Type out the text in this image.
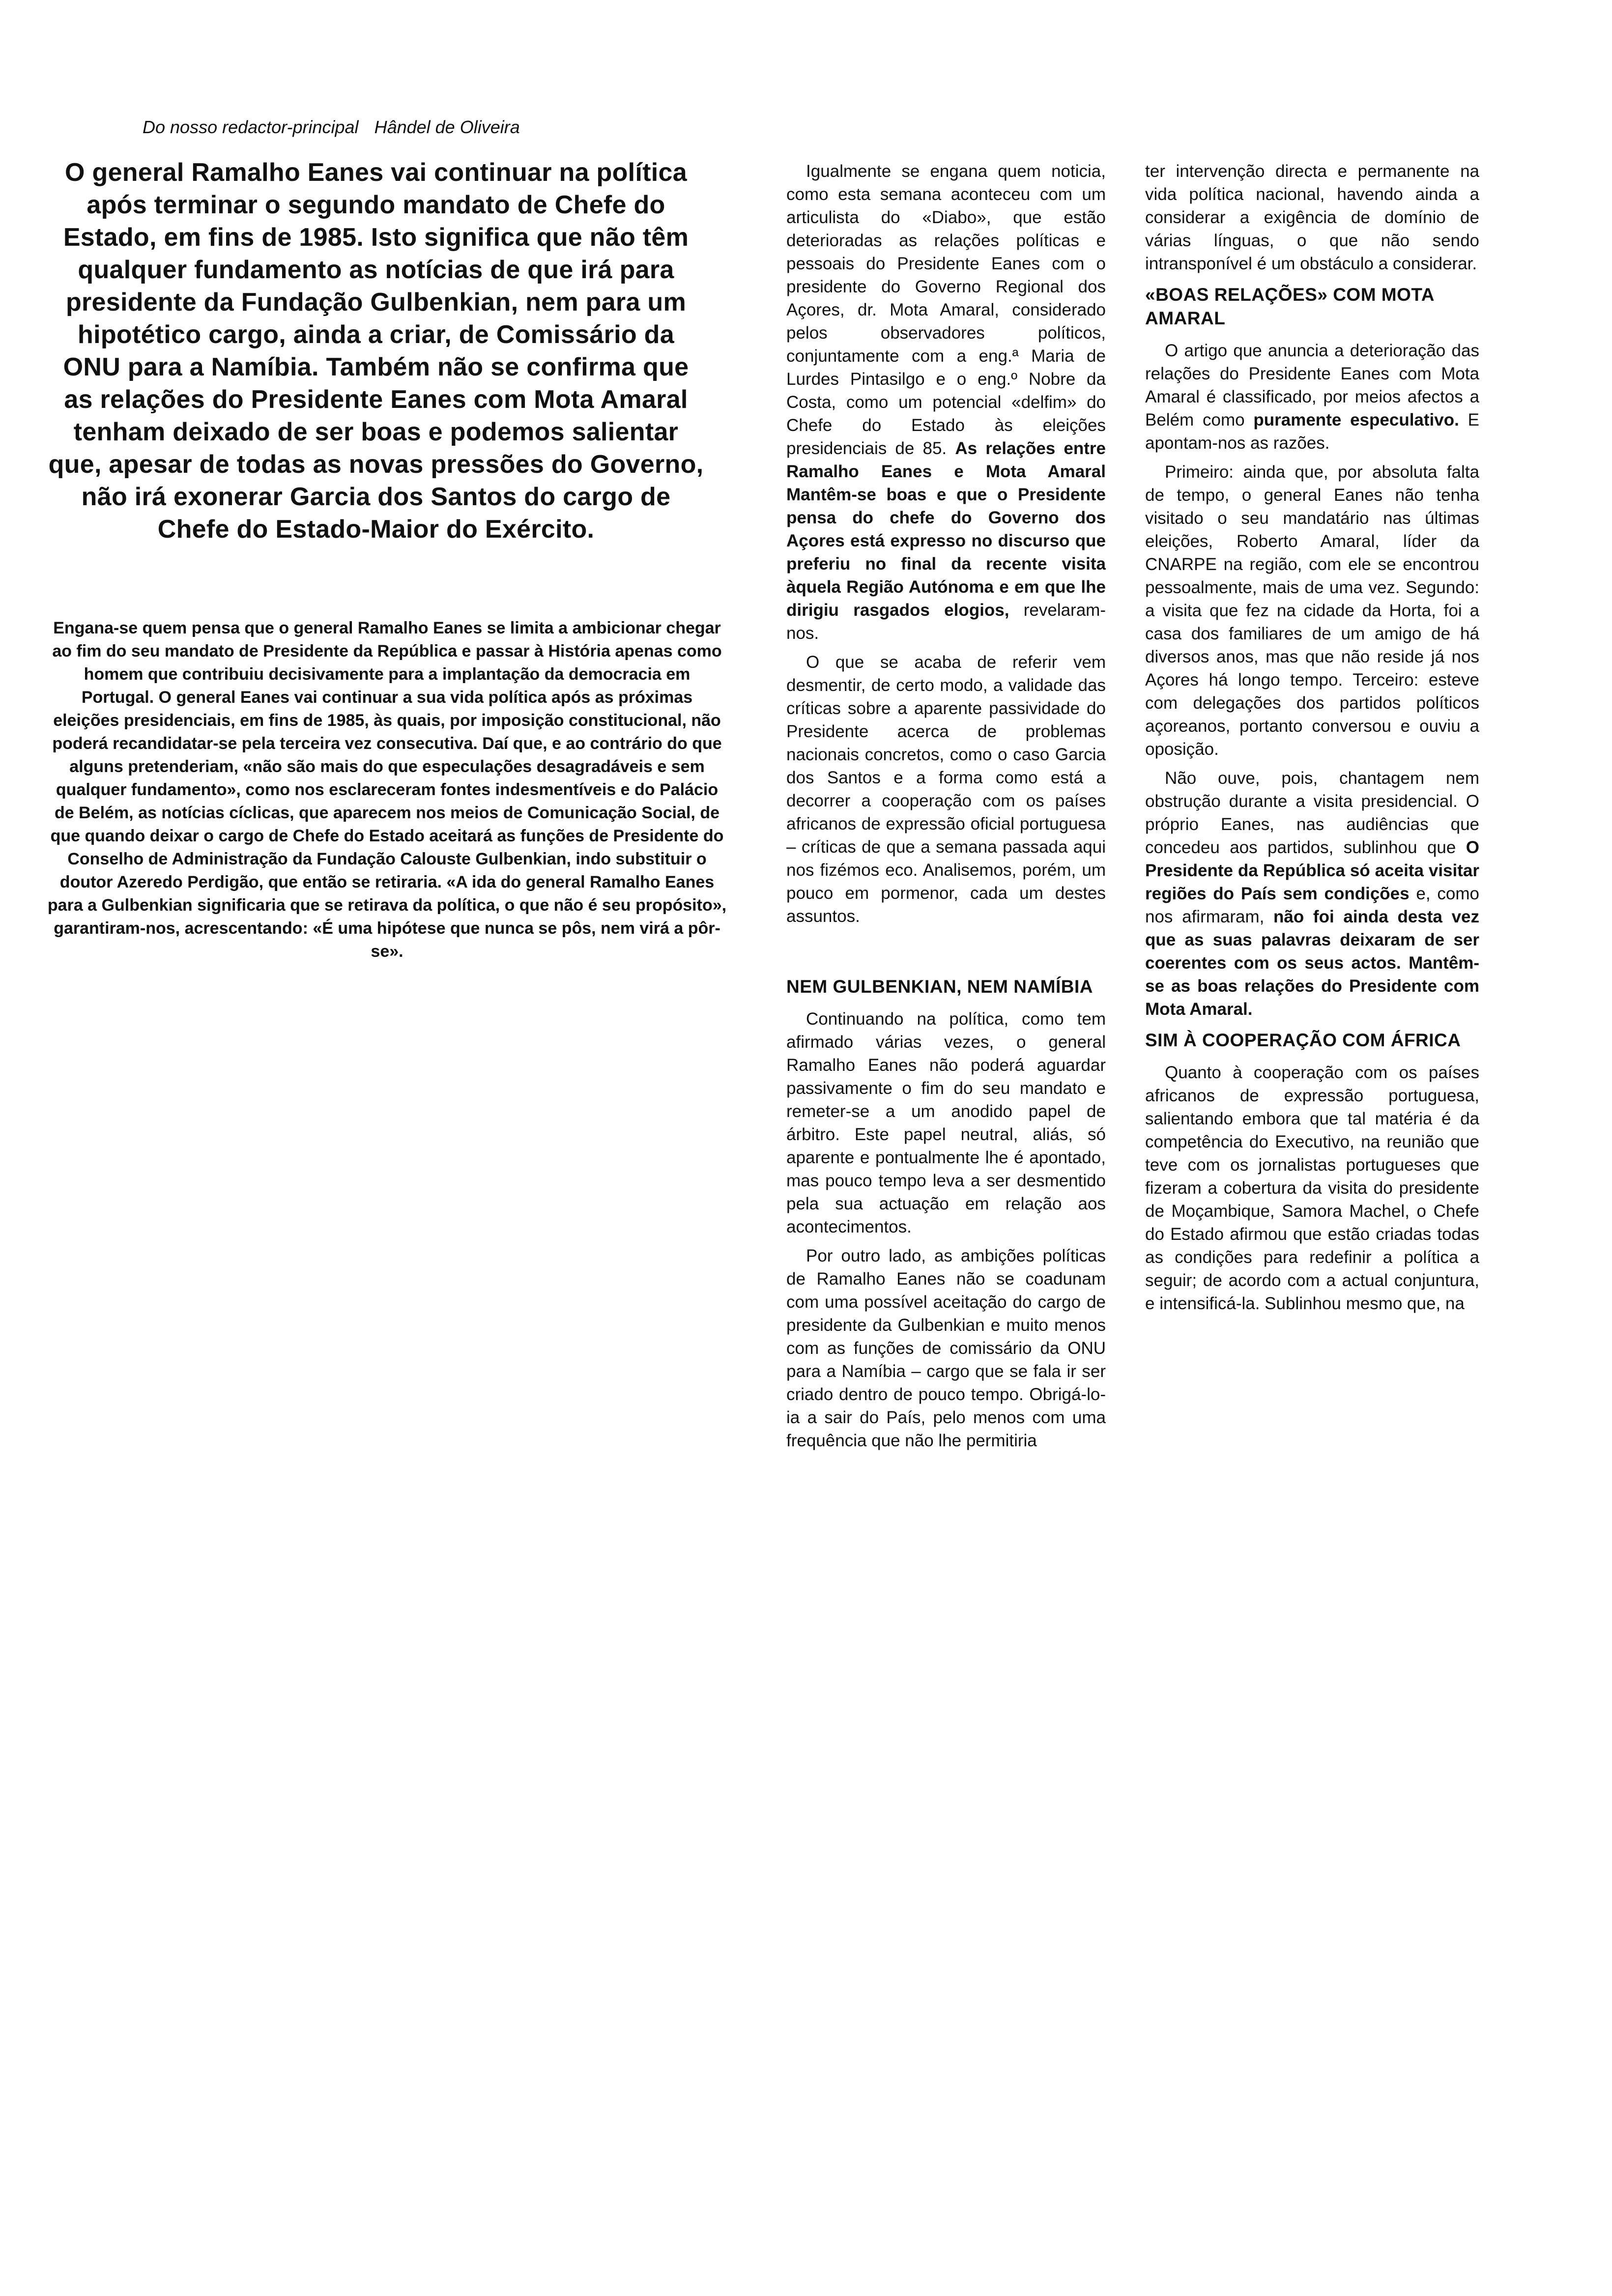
Do nosso redactor-principal Hândel de Oliveira
O general Ramalho Eanes vai continuar na política após terminar o segundo mandato de Chefe do Estado, em fins de 1985. Isto significa que não têm qualquer fundamento as notícias de que irá para presidente da Fundação Gulbenkian, nem para um hipotético cargo, ainda a criar, de Comissário da ONU para a Namíbia. Também não se confirma que as relações do Presidente Eanes com Mota Amaral tenham deixado de ser boas e podemos salientar que, apesar de todas as novas pressões do Governo, não irá exonerar Garcia dos Santos do cargo de Chefe do Estado-Maior do Exército.
Engana-se quem pensa que o general Ramalho Eanes se limita a ambicionar chegar ao fim do seu mandato de Presidente da República e passar à História apenas como homem que contribuiu decisivamente para a implantação da democracia em Portugal. O general Eanes vai continuar a sua vida política após as próximas eleições presidenciais, em fins de 1985, às quais, por imposição constitucional, não poderá recandidatar-se pela terceira vez consecutiva. Daí que, e ao contrário do que alguns pretenderiam, «não são mais do que especulações desagradáveis e sem qualquer fundamento», como nos esclareceram fontes indesmentíveis e do Palácio de Belém, as notícias cíclicas, que aparecem nos meios de Comunicação Social, de que quando deixar o cargo de Chefe do Estado aceitará as funções de Presidente do Conselho de Administração da Fundação Calouste Gulbenkian, indo substituir o doutor Azeredo Perdigão, que então se retiraria. «A ida do general Ramalho Eanes para a Gulbenkian significaria que se retirava da política, o que não é seu propósito», garantiram-nos, acrescentando: «É uma hipótese que nunca se pôs, nem virá a pôr-se».

Igualmente se engana quem noticia, como esta semana aconteceu com um articulista do «Diabo», que estão deterioradas as relações políticas e pessoais do Presidente Eanes com o presidente do Governo Regional dos Açores, dr. Mota Amaral, considerado pelos observadores políticos, conjuntamente com a eng.ª Maria de Lurdes Pintasilgo e o eng.º Nobre da Costa, como um potencial «delfim» do Chefe do Estado às eleições presidenciais de 85. As relações entre Ramalho Eanes e Mota Amaral Mantêm-se boas e que o Presidente pensa do chefe do Governo dos Açores está expresso no discurso que preferiu no final da recente visita àquela Região Autónoma e em que lhe dirigiu rasgados elogios, revelaram-nos.

O que se acaba de referir vem desmentir, de certo modo, a validade das críticas sobre a aparente passividade do Presidente acerca de problemas nacionais concretos, como o caso Garcia dos Santos e a forma como está a decorrer a cooperação com os países africanos de expressão oficial portuguesa – críticas de que a semana passada aqui nos fizémos eco. Analisemos, porém, um pouco em pormenor, cada um destes assuntos.

NEM GULBENKIAN, NEM NAMÍBIA

Continuando na política, como tem afirmado várias vezes, o general Ramalho Eanes não poderá aguardar passivamente o fim do seu mandato e remeter-se a um anodido papel de árbitro. Este papel neutral, aliás, só aparente e pontualmente lhe é apontado, mas pouco tempo leva a ser desmentido pela sua actuação em relação aos acontecimentos.

Por outro lado, as ambições políticas de Ramalho Eanes não se coadunam com uma possível aceitação do cargo de presidente da Gulbenkian e muito menos com as funções de comissário da ONU para a Namíbia – cargo que se fala ir ser criado dentro de pouco tempo. Obrigá-lo-ia a sair do País, pelo menos com uma frequência que não lhe permitiria

ter intervenção directa e permanente na vida política nacional, havendo ainda a considerar a exigência de domínio de várias línguas, o que não sendo intransponível é um obstáculo a considerar.

«BOAS RELAÇÕES» COM MOTA AMARAL

O artigo que anuncia a deterioração das relações do Presidente Eanes com Mota Amaral é classificado, por meios afectos a Belém como puramente especulativo. E apontam-nos as razões.

Primeiro: ainda que, por absoluta falta de tempo, o general Eanes não tenha visitado o seu mandatário nas últimas eleições, Roberto Amaral, líder da CNARPE na região, com ele se encontrou pessoalmente, mais de uma vez. Segundo: a visita que fez na cidade da Horta, foi a casa dos familiares de um amigo de há diversos anos, mas que não reside já nos Açores há longo tempo. Terceiro: esteve com delegações dos partidos políticos açoreanos, portanto conversou e ouviu a oposição.

Não ouve, pois, chantagem nem obstrução durante a visita presidencial. O próprio Eanes, nas audiências que concedeu aos partidos, sublinhou que O Presidente da República só aceita visitar regiões do País sem condições e, como nos afirmaram, não foi ainda desta vez que as suas palavras deixaram de ser coerentes com os seus actos. Mantêm-se as boas relações do Presidente com Mota Amaral.

SIM À COOPERAÇÃO COM ÁFRICA

Quanto à cooperação com os países africanos de expressão portuguesa, salientando embora que tal matéria é da competência do Executivo, na reunião que teve com os jornalistas portugueses que fizeram a cobertura da visita do presidente de Moçambique, Samora Machel, o Chefe do Estado afirmou que estão criadas todas as condições para redefinir a política a seguir; de acordo com a actual conjuntura, e intensificá-la. Sublinhou mesmo que, na
